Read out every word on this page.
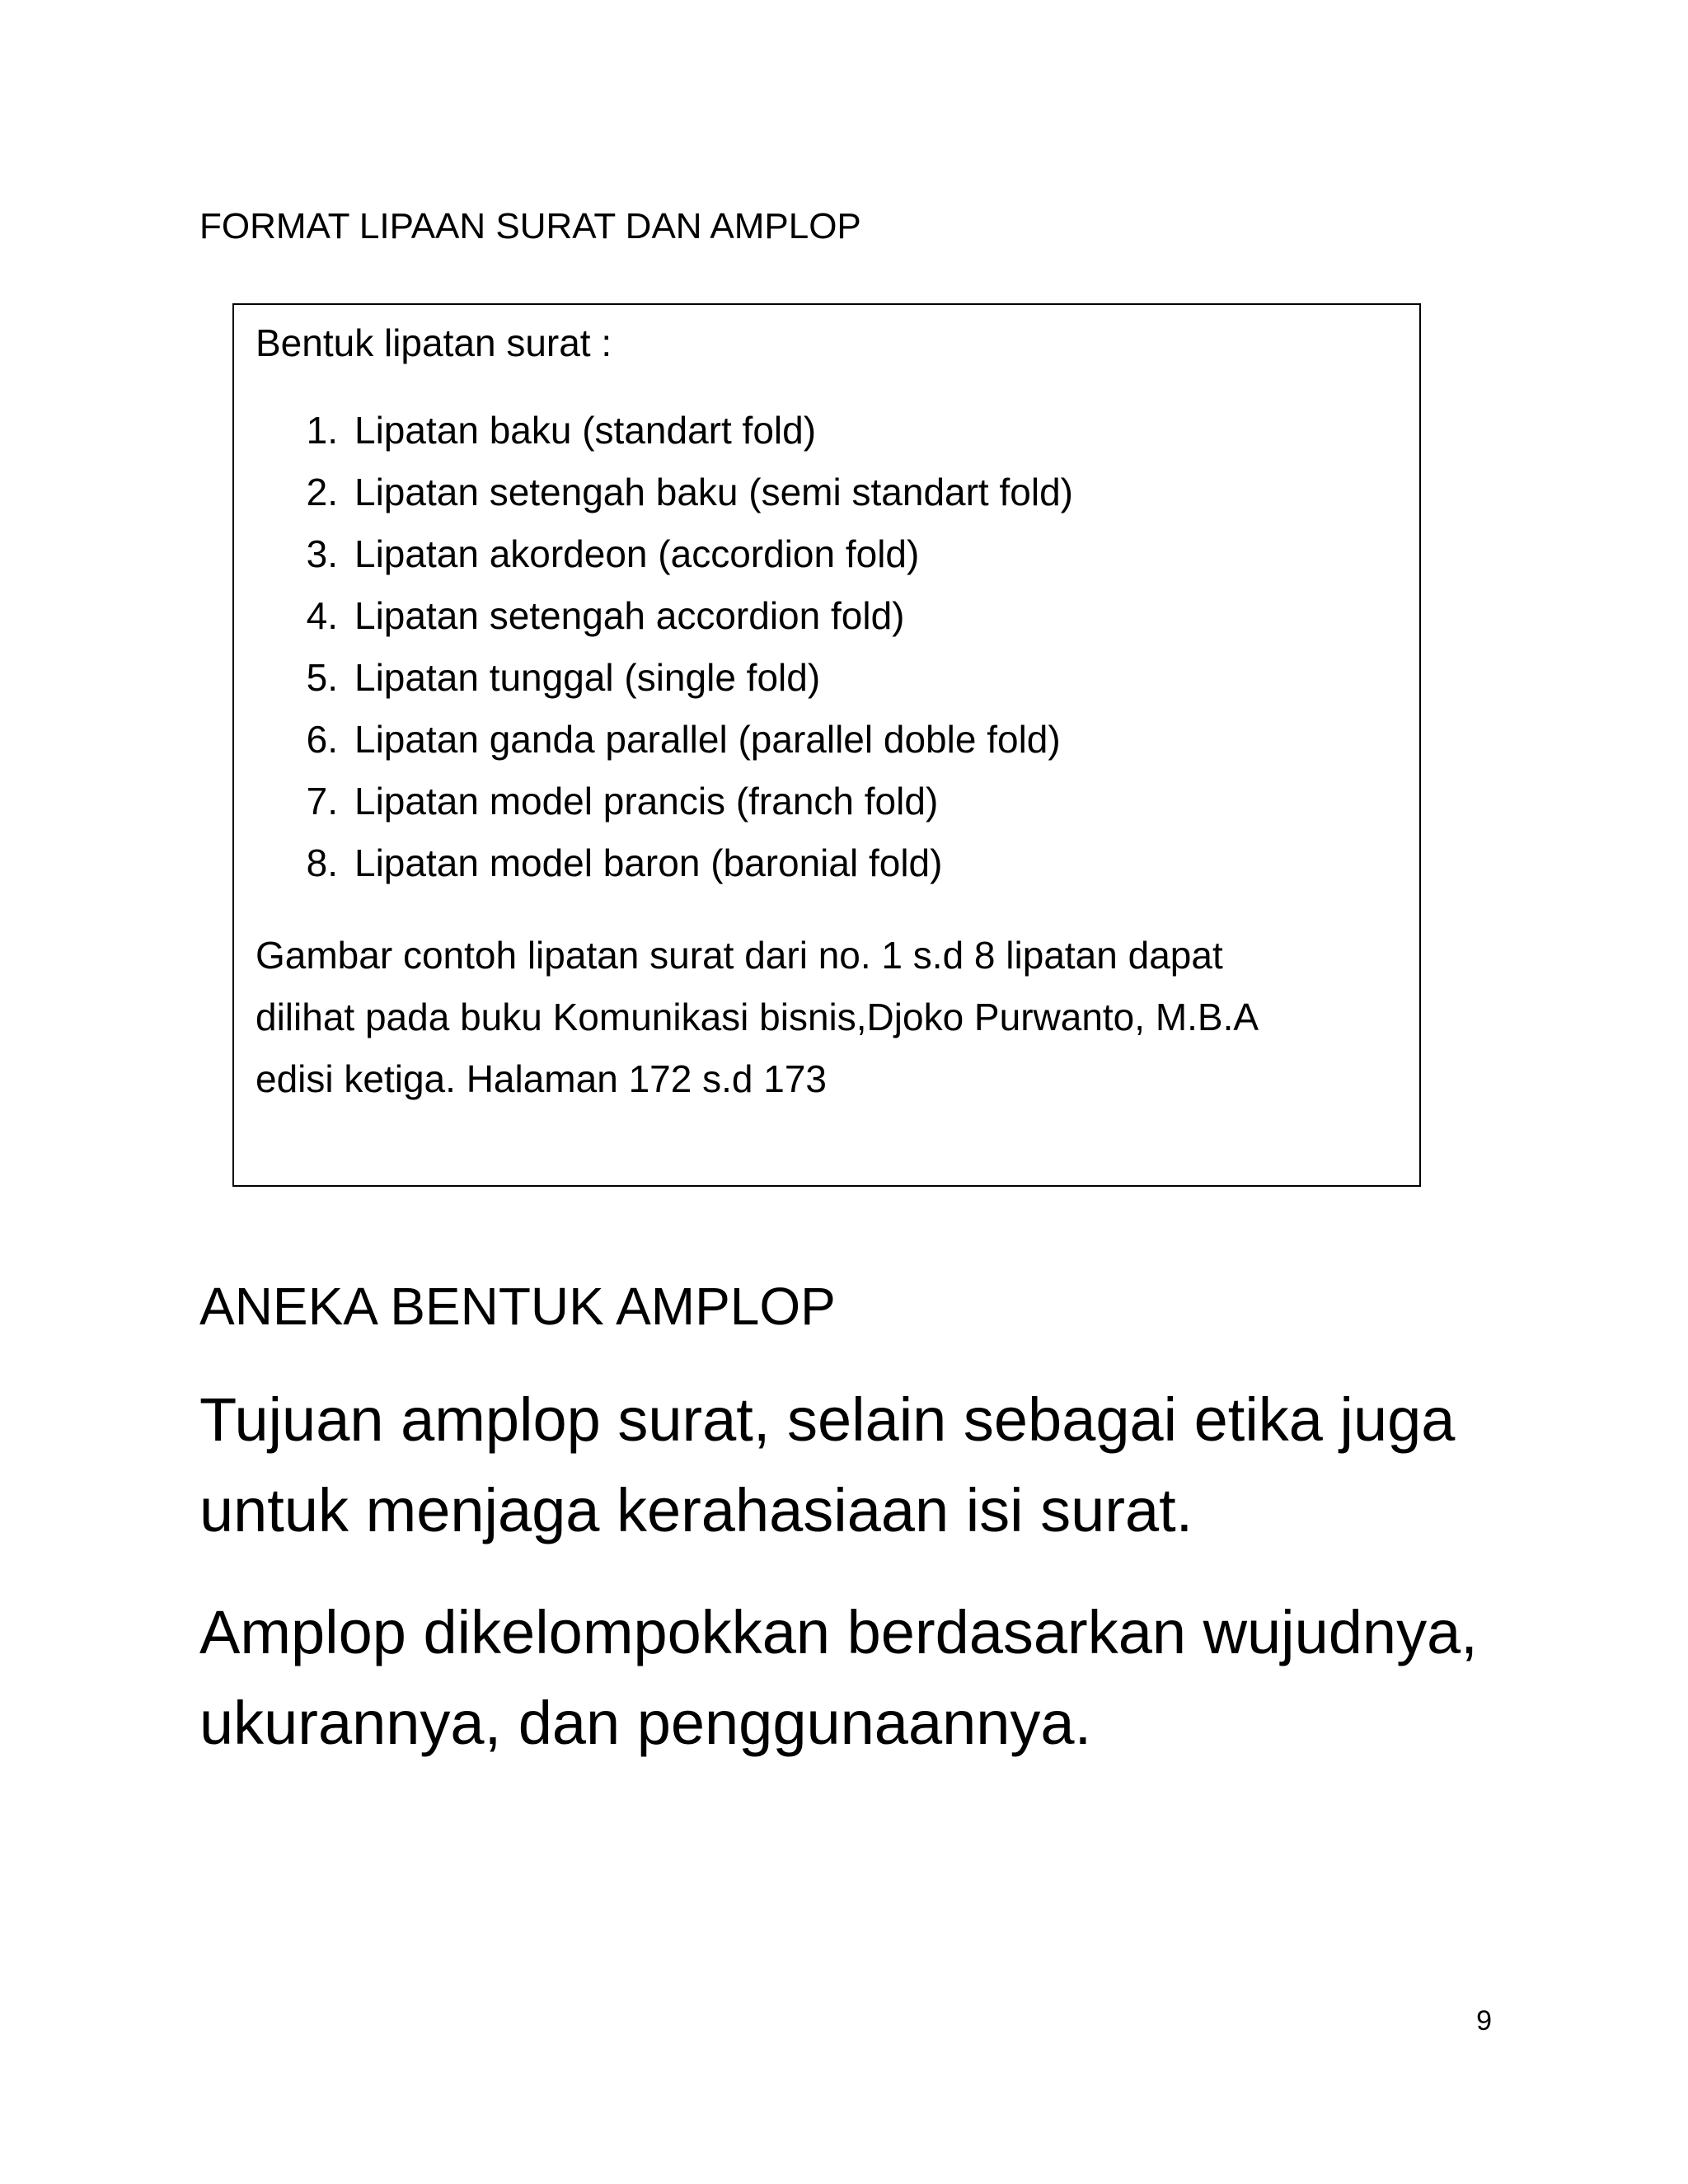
FORMAT LIPAAN SURAT DAN AMPLOP
Bentuk lipatan surat :
1. Lipatan baku (standart fold)
2. Lipatan setengah baku (semi standart fold)
3. Lipatan akordeon (accordion fold)
4. Lipatan setengah accordion fold)
5. Lipatan tunggal (single fold)
6. Lipatan ganda parallel (parallel doble fold)
7. Lipatan model prancis (franch fold)
8. Lipatan model baron (baronial fold)
Gambar contoh lipatan surat dari no. 1 s.d 8 lipatan dapat
dilihat pada buku Komunikasi bisnis,Djoko Purwanto, M.B.A
edisi ketiga. Halaman 172 s.d 173
ANEKA BENTUK AMPLOP
Tujuan amplop surat, selain sebagai etika juga
untuk menjaga kerahasiaan isi surat.
Amplop dikelompokkan berdasarkan wujudnya,
ukurannya, dan penggunaannya.
9
